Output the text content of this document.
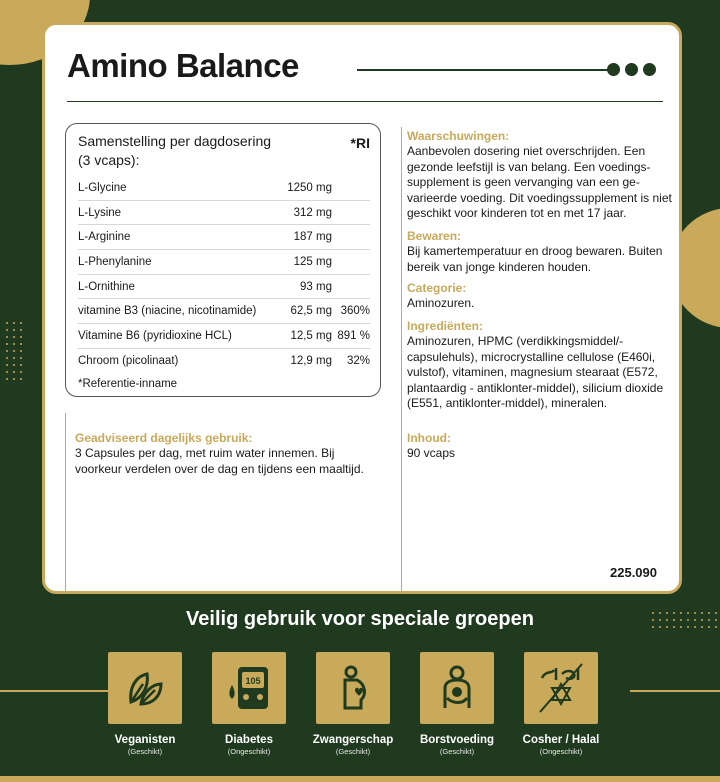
Amino Balance
Samenstelling per dagdosering
(3 vcaps):
*RI
L-Glycine	1250 mg
L-Lysine	312 mg
L-Arginine	187 mg
L-Phenylanine	125 mg
L-Ornithine	93 mg
vitamine B3 (niacine, nicotinamide)	62,5 mg 360%
Vitamine B6 (pyridioxine HCL)	12,5 mg 891 %
Chroom (picolinaat)	12,9 mg	32%
*Referentie-inname
Geadviseerd dagelijks gebruik:
3 Capsules per dag, met ruim water innemen. Bij voorkeur verdelen over de dag en tijdens een maaltijd.
Waarschuwingen:
Aanbevolen dosering niet overschrijden. Een gezonde leefstijl is van belang. Een voedings-supplement is geen vervanging van een ge-varieerde voeding. Dit voedingssupplement is niet geschikt voor kinderen tot en met 17 jaar.
Bewaren:
Bij kamertemperatuur en droog bewaren. Buiten bereik van jonge kinderen houden.
Categorie:
Aminozuren.
Ingrediënten:
Aminozuren, HPMC (verdikkingsmiddel/-capsulehuls), microcrystalline cellulose (E460i, vulstof), vitaminen, magnesium stearaat (E572, plantaardig - antiklonter-middel), silicium dioxide (E551, antiklonter-middel), mineralen.
Inhoud:
90 vcaps
225.090
Veilig gebruik voor speciale groepen
Veganisten
(Geschikt)
105
Diabetes
(Ongeschikt)
Zwangerschap
(Geschikt)
Borstvoeding
(Geschikt)
Cosher / Halal
(Ongeschikt)
